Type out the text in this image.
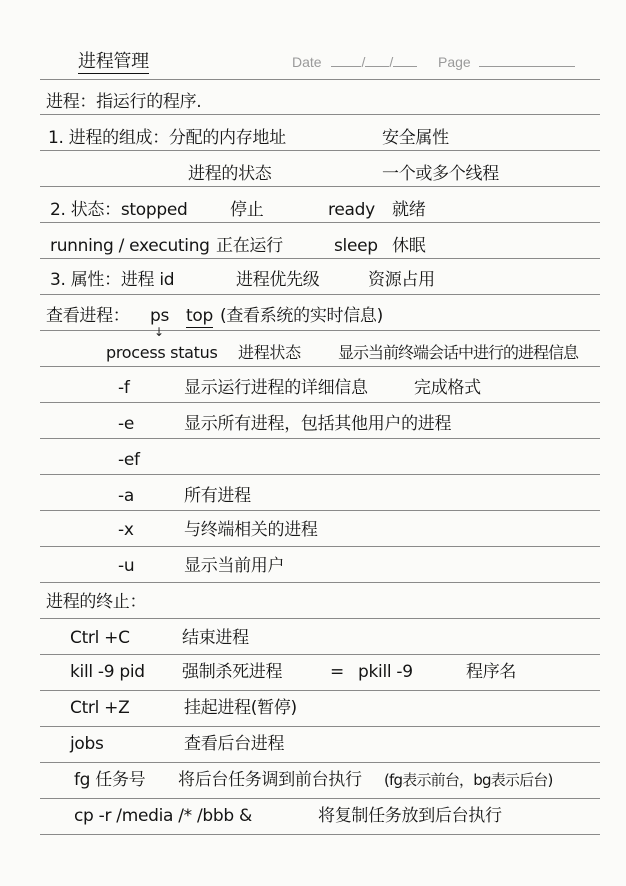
进程管理	Date	/ /	Page
进程：指运行的程序.
1. 进程的组成：分配的内存地址	安全属性
进程的状态	一个或多个线程
2. 状态：stopped	停止	ready 就绪
running / executing 正在运行	sleep 休眠
3. 属性：进程 id	进程优先级	资源占用
查看进程： ps top (查看系统的实时信息)
↓
process status 进程状态 显示当前终端会话中进行的进程信息
-f	显示运行进程的详细信息	完成格式
-e	显示所有进程，包括其他用户的进程
-ef
-a	所有进程
-x	与终端相关的进程
-u	显示当前用户
进程的终止：
Ctrl +C	结束进程
kill -9 pid 强制杀死进程	= pkill -9	程序名
Ctrl +Z	挂起进程(暂停)
jobs	查看后台进程
fg 任务号 将后台任务调到前台执行 (fg表示前台，bg表示后台)
cp -r /media /* /bbb &	将复制任务放到后台执行
